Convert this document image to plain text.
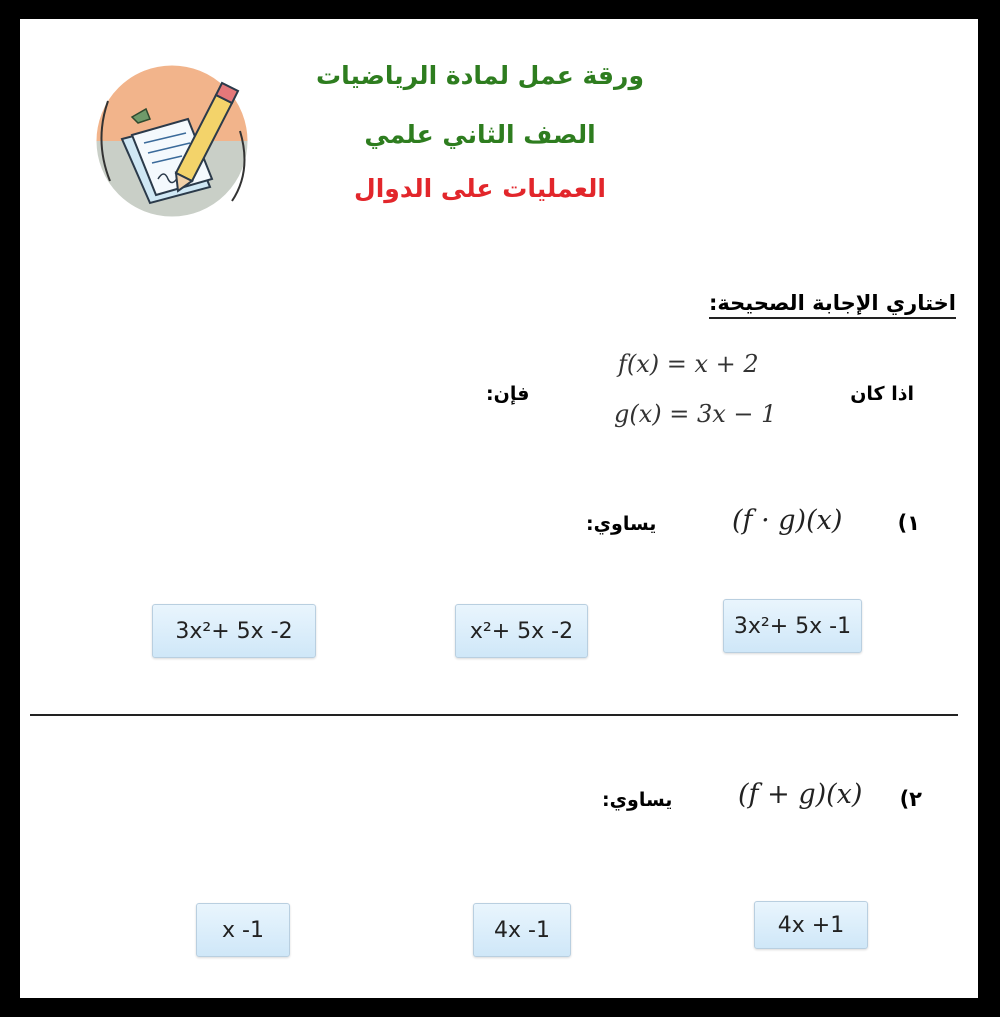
ورقة عمل لمادة الرياضيات
الصف الثاني علمي
العمليات على الدوال
اختاري الإجابة الصحيحة:
اذا كان
f(x) = x + 2
g(x) = 3x − 1
فإن:
١)
(f · g)(x)
يساوي:
3x²+ 5x -1
x²+ 5x -2
3x²+ 5x -2
٢)
(f + g)(x)
يساوي:
4x +1
4x -1
x -1
